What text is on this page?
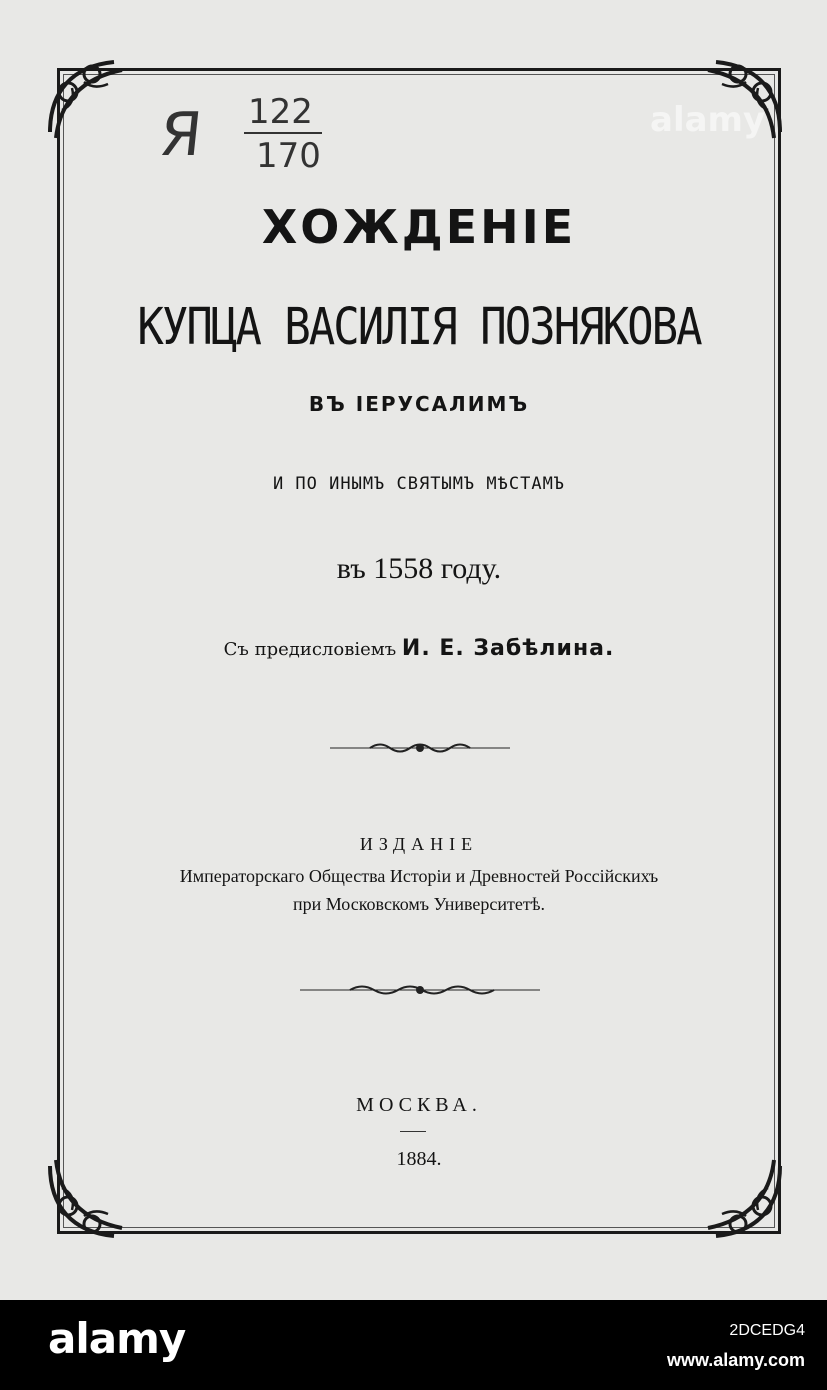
Я 122
170
alamy
ХОЖДЕНІЕ
КУПЦА ВАСИЛІЯ ПОЗНЯКОВА
ВЪ ІЕРУСАЛИМЪ
И ПО ИНЫМЪ СВЯТЫМЪ МѢСТАМЪ
въ 1558 году.
Съ предисловіемъ И. Е. Забѣлина.
ИЗДАНІЕ
Императорскаго Общества Исторіи и Древностей Россійскихъ
при Московскомъ Университетѣ.
МОСКВА.
1884.
alamy	2DCEDG4
www.alamy.com
